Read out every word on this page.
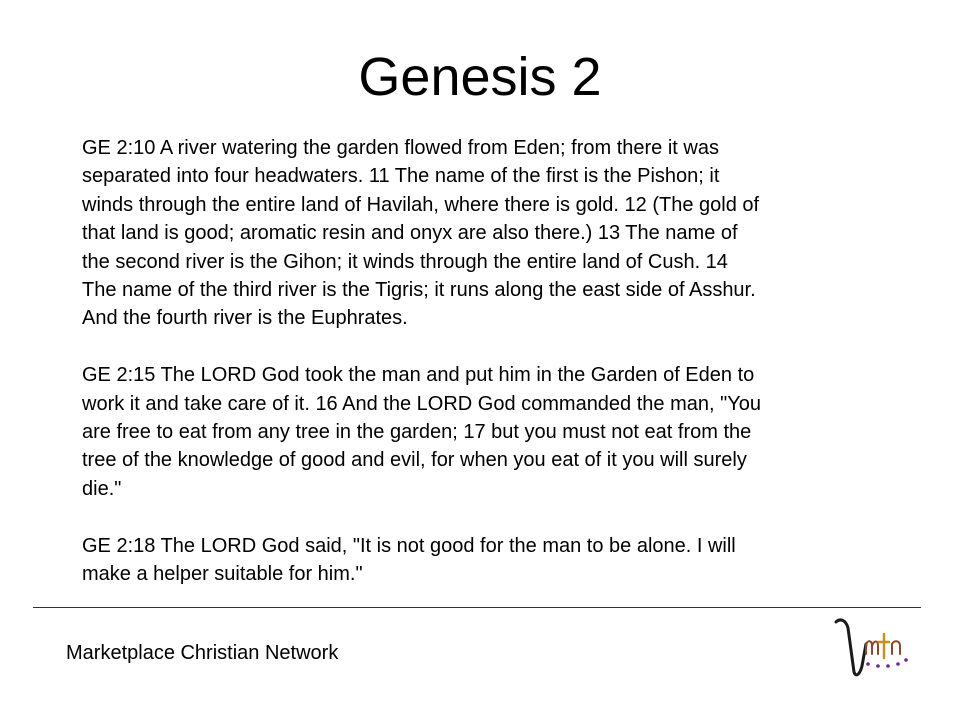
Genesis 2

GE 2:10 A river watering the garden flowed from Eden; from there it was
separated into four headwaters. 11 The name of the first is the Pishon; it
winds through the entire land of Havilah, where there is gold. 12 (The gold of
that land is good; aromatic resin and onyx are also there.) 13 The name of
the second river is the Gihon; it winds through the entire land of Cush. 14
The name of the third river is the Tigris; it runs along the east side of Asshur.
And the fourth river is the Euphrates.

GE 2:15 The LORD God took the man and put him in the Garden of Eden to
work it and take care of it. 16 And the LORD God commanded the man, "You
are free to eat from any tree in the garden; 17 but you must not eat from the
tree of the knowledge of good and evil, for when you eat of it you will surely
die."

GE 2:18 The LORD God said, "It is not good for the man to be alone. I will
make a helper suitable for him."

Marketplace Christian Network
